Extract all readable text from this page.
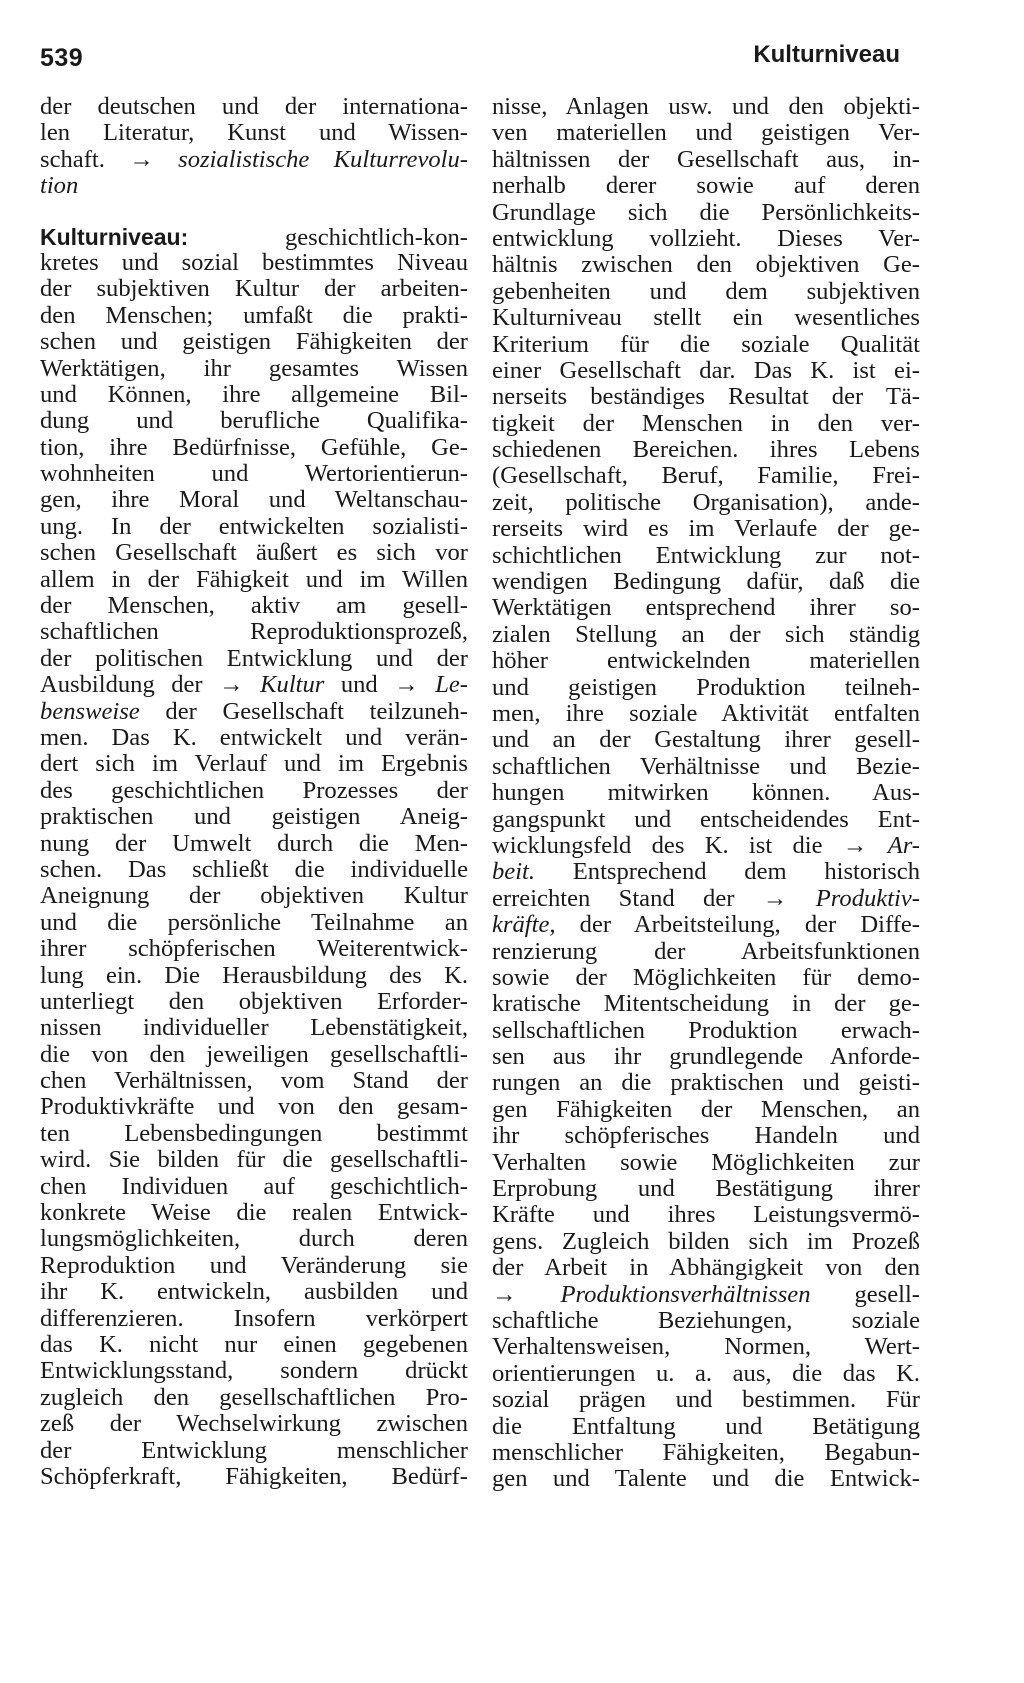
539	Kulturniveau
der deutschen und der internationa-
len Literatur, Kunst und Wissen-
schaft. → sozialistische Kulturrevolu-
tion
Kulturniveau:	geschichtlich-kon-
kretes und sozial bestimmtes Niveau
der subjektiven Kultur der arbeiten-
den Menschen; umfaßt die prakti-
schen und geistigen Fähigkeiten der
Werktätigen, ihr gesamtes Wissen
und Können, ihre allgemeine Bil-
dung und berufliche Qualifika-
tion, ihre Bedürfnisse, Gefühle, Ge-
wohnheiten und Wertorientierun-
gen, ihre Moral und Weltanschau-
ung. In der entwickelten sozialisti-
schen Gesellschaft äußert es sich vor
allem in der Fähigkeit und im Willen
der Menschen, aktiv am gesell-
schaftlichen Reproduktionsprozeß,
der politischen Entwicklung und der
Ausbildung der → Kultur und → Le-
bensweise der Gesellschaft teilzuneh-
men. Das K. entwickelt und verän-
dert sich im Verlauf und im Ergebnis
des geschichtlichen Prozesses der
praktischen und geistigen Aneig-
nung der Umwelt durch die Men-
schen. Das schließt die individuelle
Aneignung der objektiven Kultur
und die persönliche Teilnahme an
ihrer schöpferischen Weiterentwick-
lung ein. Die Herausbildung des K.
unterliegt den objektiven Erforder-
nissen individueller Lebenstätigkeit,
die von den jeweiligen gesellschaftli-
chen Verhältnissen, vom Stand der
Produktivkräfte und von den gesam-
ten Lebensbedingungen bestimmt
wird. Sie bilden für die gesellschaftli-
chen Individuen auf geschichtlich-
konkrete Weise die realen Entwick-
lungsmöglichkeiten, durch deren
Reproduktion und Veränderung sie
ihr K. entwickeln, ausbilden und
differenzieren. Insofern verkörpert
das K. nicht nur einen gegebenen
Entwicklungsstand, sondern drückt
zugleich den gesellschaftlichen Pro-
zeß der Wechselwirkung zwischen
der Entwicklung menschlicher
Schöpferkraft, Fähigkeiten, Bedürf-
nisse, Anlagen usw. und den objekti-
ven materiellen und geistigen Ver-
hältnissen der Gesellschaft aus, in-
nerhalb derer sowie auf deren
Grundlage sich die Persönlichkeits-
entwicklung vollzieht. Dieses Ver-
hältnis zwischen den objektiven Ge-
gebenheiten und dem subjektiven
Kulturniveau stellt ein wesentliches
Kriterium für die soziale Qualität
einer Gesellschaft dar. Das K. ist ei-
nerseits beständiges Resultat der Tä-
tigkeit der Menschen in den ver-
schiedenen Bereichen. ihres Lebens
(Gesellschaft, Beruf, Familie, Frei-
zeit, politische Organisation), ande-
rerseits wird es im Verlaufe der ge-
schichtlichen Entwicklung zur not-
wendigen Bedingung dafür, daß die
Werktätigen entsprechend ihrer so-
zialen Stellung an der sich ständig
höher entwickelnden materiellen
und geistigen Produktion teilneh-
men, ihre soziale Aktivität entfalten
und an der Gestaltung ihrer gesell-
schaftlichen Verhältnisse und Bezie-
hungen mitwirken können. Aus-
gangspunkt und entscheidendes Ent-
wicklungsfeld des K. ist die → Ar-
beit. Entsprechend dem historisch
erreichten Stand der → Produktiv-
kräfte, der Arbeitsteilung, der Diffe-
renzierung der Arbeitsfunktionen
sowie der Möglichkeiten für demo-
kratische Mitentscheidung in der ge-
sellschaftlichen Produktion erwach-
sen aus ihr grundlegende Anforde-
rungen an die praktischen und geisti-
gen Fähigkeiten der Menschen, an
ihr schöpferisches Handeln und
Verhalten sowie Möglichkeiten zur
Erprobung und Bestätigung ihrer
Kräfte und ihres Leistungsvermö-
gens. Zugleich bilden sich im Prozeß
der Arbeit in Abhängigkeit von den
→ Produktionsverhältnissen gesell-
schaftliche Beziehungen, soziale
Verhaltensweisen, Normen, Wert-
orientierungen u. a. aus, die das K.
sozial prägen und bestimmen. Für
die Entfaltung und Betätigung
menschlicher Fähigkeiten, Begabun-
gen und Talente und die Entwick-
